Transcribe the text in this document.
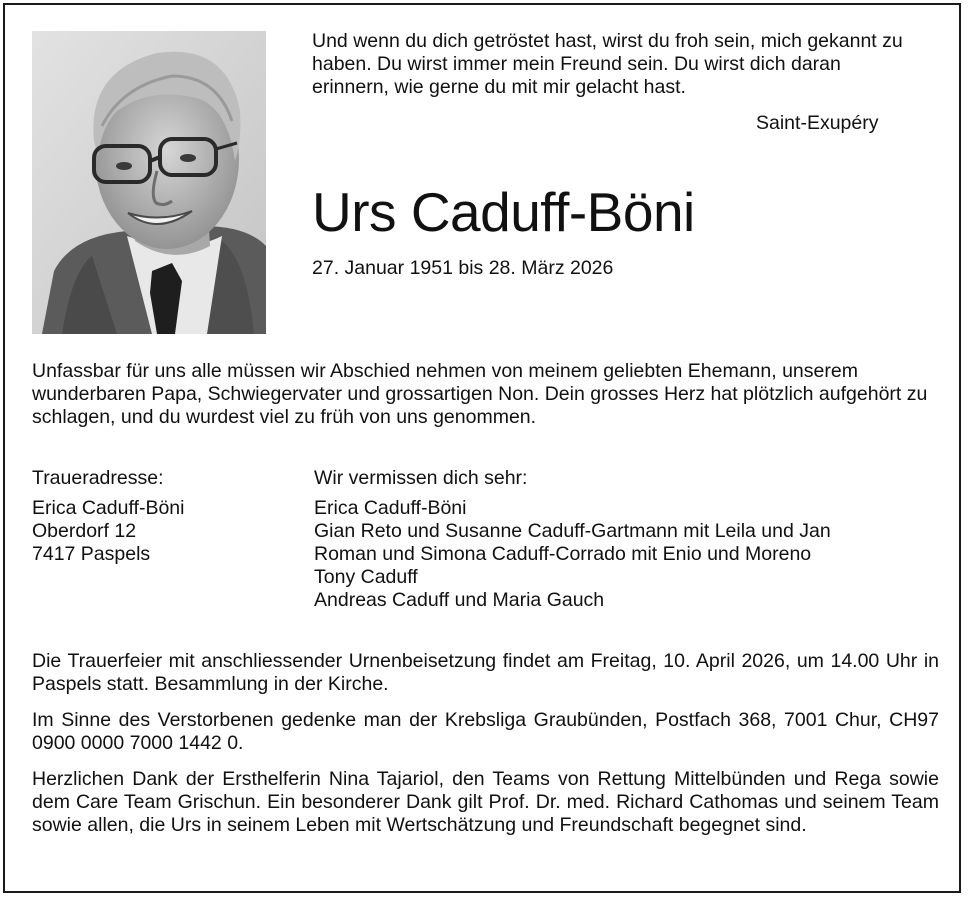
Und wenn du dich getröstet hast, wirst du froh sein, mich gekannt zu haben. Du wirst immer mein Freund sein. Du wirst dich daran erinnern, wie gerne du mit mir gelacht hast.

Saint-Exupéry
Urs Caduff-Böni
27. Januar 1951 bis 28. März 2026

Unfassbar für uns alle müssen wir Abschied nehmen von meinem geliebten Ehemann, unserem wunderbaren Papa, Schwiegervater und grossartigen Non. Dein grosses Herz hat plötzlich aufgehört zu schlagen, und du wurdest viel zu früh von uns genommen.

Traueradresse:
Erica Caduff-Böni
Oberdorf 12
7417 Paspels
Wir vermissen dich sehr:
Erica Caduff-Böni
Gian Reto und Susanne Caduff-Gartmann mit Leila und Jan
Roman und Simona Caduff-Corrado mit Enio und Moreno
Tony Caduff
Andreas Caduff und Maria Gauch

Die Trauerfeier mit anschliessender Urnenbeisetzung findet am Freitag, 10. April 2026, um 14.00 Uhr in Paspels statt. Besammlung in der Kirche.

Im Sinne des Verstorbenen gedenke man der Krebsliga Graubünden, Postfach 368, 7001 Chur, CH97 0900 0000 7000 1442 0.

Herzlichen Dank der Ersthelferin Nina Tajariol, den Teams von Rettung Mittelbünden und Rega sowie dem Care Team Grischun. Ein besonderer Dank gilt Prof. Dr. med. Richard Cathomas und seinem Team sowie allen, die Urs in seinem Leben mit Wertschätzung und Freundschaft begegnet sind.
